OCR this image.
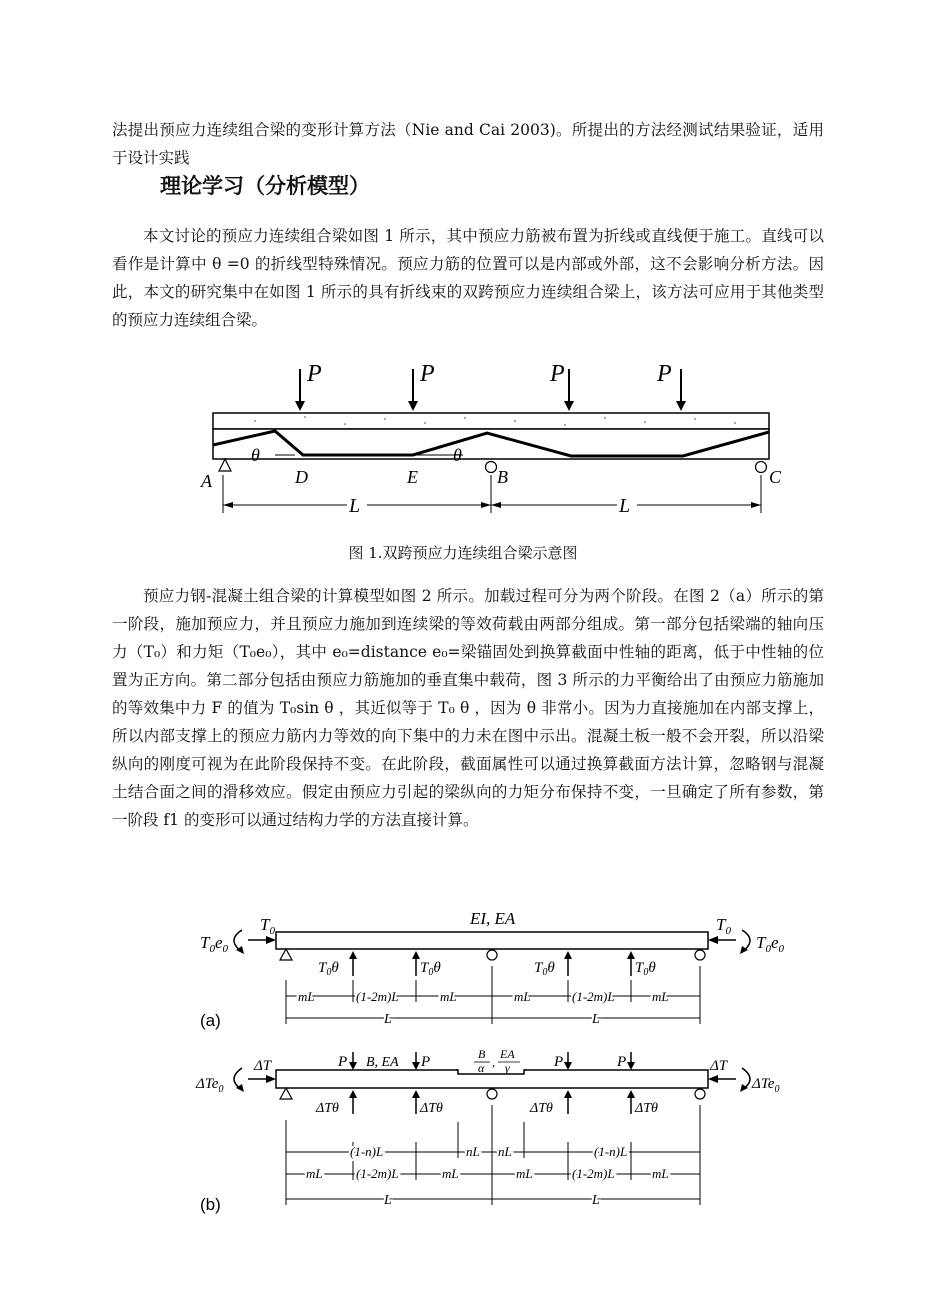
法提出预应力连续组合梁的变形计算方法（Nie and Cai 2003)。所提出的方法经测试结果验证，适用于设计实践

理论学习（分析模型）

本文讨论的预应力连续组合梁如图 1 所示，其中预应力筋被布置为折线或直线便于施工。直线可以看作是计算中 θ =0 的折线型特殊情况。预应力筋的位置可以是内部或外部，这不会影响分析方法。因此，本文的研究集中在如图 1 所示的具有折线束的双跨预应力连续组合梁上，该方法可应用于其他类型的预应力连续组合梁。

P	P	P	P
θ	θ
A	D	E	B	C
L	L

图 1.双跨预应力连续组合梁示意图

预应力钢-混凝土组合梁的计算模型如图 2 所示。加载过程可分为两个阶段。在图 2（a）所示的第一阶段，施加预应力，并且预应力施加到连续梁的等效荷载由两部分组成。第一部分包括梁端的轴向压力（T₀）和力矩（T₀e₀），其中 e₀=distance e₀=梁锚固处到换算截面中性轴的距离，低于中性轴的位置为正方向。第二部分包括由预应力筋施加的垂直集中载荷，图 3 所示的力平衡给出了由预应力筋施加的等效集中力 F 的值为 T₀sin θ ，其近似等于 T₀ θ ，因为 θ 非常小。因为力直接施加在内部支撑上，所以内部支撑上的预应力筋内力等效的向下集中的力未在图中示出。混凝土板一般不会开裂，所以沿梁纵向的刚度可视为在此阶段保持不变。在此阶段，截面属性可以通过换算截面方法计算，忽略钢与混凝土结合面之间的滑移效应。假定由预应力引起的梁纵向的力矩分布保持不变，一旦确定了所有参数，第一阶段 f1 的变形可以通过结构力学的方法直接计算。

EI, EA
$T_0$
$T_0e_0$
$T_0$
$T_0e_0$
$T_0\theta$	$T_0\theta$	$T_0\theta$	$T_0\theta$
mL	(1-2m)L	mL	mL	(1-2m)L	mL
L	L
(a)
P	P	P	P
B, EA
B
α ,
EA
γ
ΔT
ΔTe$_0$
ΔT
ΔTe$_0$
ΔTθ	ΔTθ	ΔTθ	ΔTθ
(1-n)L	nL nL	(1-n)L
mL	(1-2m)L	mL	mL	(1-2m)L	mL
L	L
(b)
